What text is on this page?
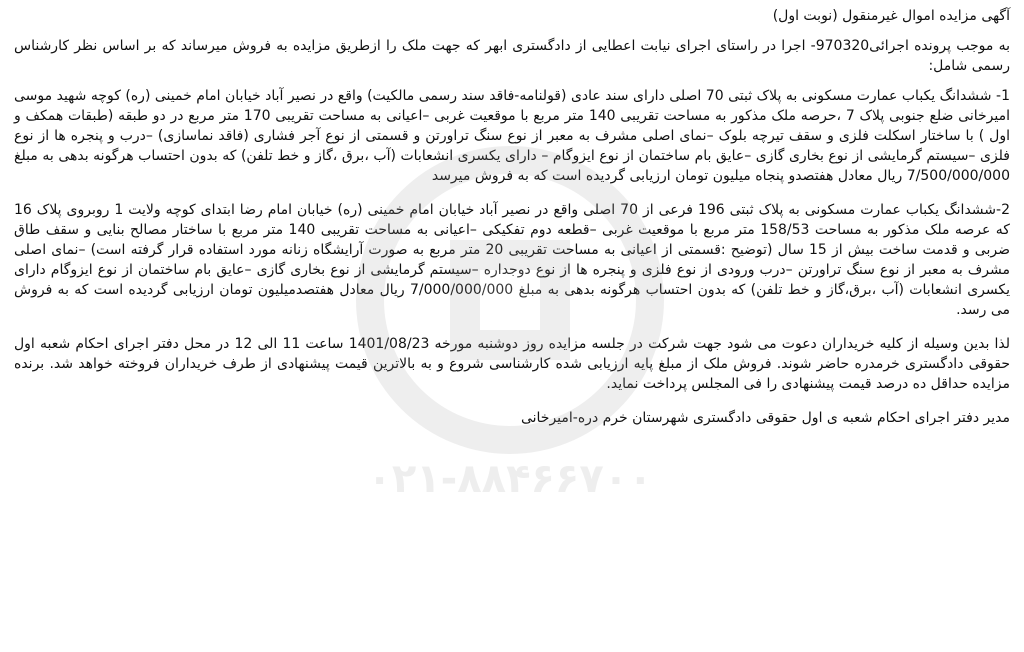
۰۲۱-۸۸۴۶۶۷۰۰
آگهی مزایده اموال غیرمنقول (نوبت اول)

به موجب پرونده اجرائی970320- اجرا در راستای اجرای نیابت اعطایی از دادگستری ابهر که جهت ملک را ازطریق مزایده به فروش میرساند که بر اساس نظر کارشناس رسمی شامل:

1- ششدانگ یکباب عمارت مسکونی به پلاک ثبتی 70 اصلی دارای سند عادی (قولنامه-فاقد سند رسمی مالکیت) واقع در نصیر آباد خیابان امام خمینی (ره) کوچه شهید موسی امیرخانی ضلع جنوبی پلاک 7 ،حرصه ملک مذکور به مساحت تقریبی 140 متر مربع با موقعیت غربی –اعیانی به مساحت تقریبی 170 متر مربع در دو طبقه (طبقات همکف و اول ) با ساختار اسکلت فلزی و سقف تیرچه بلوک –نمای اصلی مشرف به معبر از نوع سنگ تراورتن و قسمتی از نوع آجر فشاری (فاقد نماسازی) –درب و پنجره ها از نوع فلزی –سیستم گرمایشی از نوع بخاری گازی –عایق بام ساختمان از نوع ایزوگام – دارای یکسری انشعابات (آب ،برق ،گاز و خط تلفن) که بدون احتساب هرگونه بدهی به مبلغ 7/500/000/000 ریال معادل هفتصدو پنجاه میلیون تومان ارزیابی گردیده است که به فروش میرسد

2-ششدانگ یکباب عمارت مسکونی به پلاک ثبتی 196 فرعی از 70 اصلی واقع در نصیر آباد خیابان امام خمینی (ره) خیابان امام رضا ابتدای کوچه ولایت 1 روبروی پلاک 16 که عرصه ملک مذکور به مساحت 158/53 متر مربع با موقعیت غربی –قطعه دوم تفکیکی –اعیانی به مساحت تقریبی 140 متر مربع با ساختار مصالح بنایی و سقف طاق ضربی و قدمت ساخت بیش از 15 سال (توضیح :قسمتی از اعیانی به مساحت تقریبی 20 متر مربع به صورت آرایشگاه زنانه مورد استفاده قرار گرفته است) –نمای اصلی مشرف به معبر از نوع سنگ تراورتن –درب ورودی از نوع فلزی و پنجره ها از نوع دوجداره –سیستم گرمایشی از نوع بخاری گازی –عایق بام ساختمان از نوع ایزوگام دارای یکسری انشعابات (آب ،برق،گاز و خط تلفن) که بدون احتساب هرگونه بدهی به مبلغ 7/000/000/000 ریال معادل هفتصدمیلیون تومان ارزیابی گردیده است که به فروش می رسد.

لذا بدین وسیله از کلیه خریداران دعوت می شود جهت شرکت در جلسه مزایده روز دوشنبه مورخه 1401/08/23 ساعت 11 الی 12 در محل دفتر اجرای احکام شعبه اول حقوقی دادگستری خرمدره حاضر شوند. فروش ملک از مبلغ پایه ارزیابی شده کارشناسی شروع و به بالاترین قیمت پیشنهادی از طرف خریداران فروخته خواهد شد. برنده مزایده حداقل ده درصد قیمت پیشنهادی را فی المجلس پرداخت نماید.

مدیر دفتر اجرای احکام شعبه ی اول حقوقی دادگستری شهرستان خرم دره-امیرخانی
